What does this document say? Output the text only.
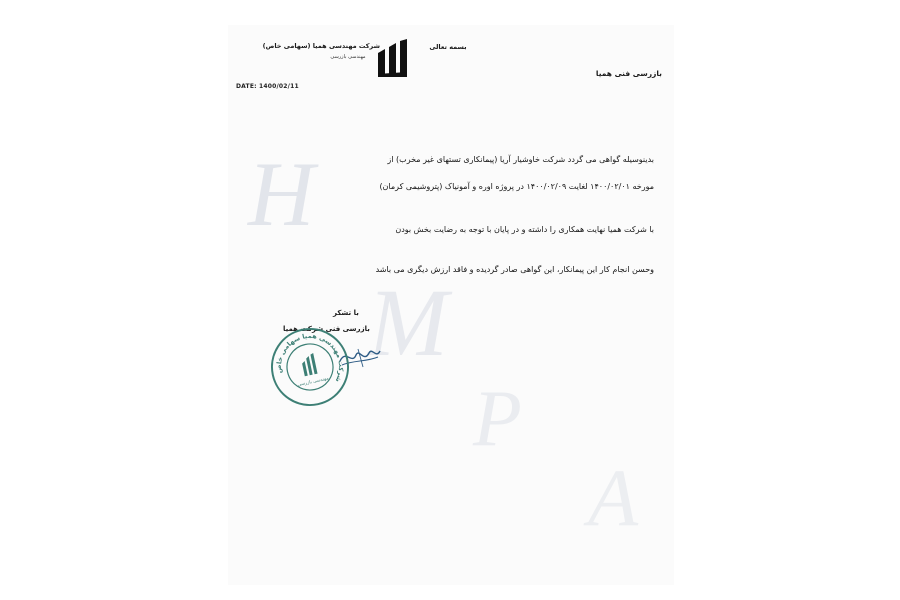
H
M
P
A
شرکت مهندسی همیا (سهامی خاص)
مهندسی بازرسی
DATE: 1400/02/11
بسمه تعالی
بازرسی فنی همیا
بدینوسیله گواهی می گردد شرکت خاوشیار آریا (پیمانکاری تستهای غیر مخرب) از
مورخه ۱۴۰۰/۰۲/۰۱ لغایت ۱۴۰۰/۰۲/۰۹ در پروژه اوره و آمونیاک (پتروشیمی کرمان)
با شرکت همیا نهایت همکاری را داشته و در پایان با توجه به رضایت بخش بودن
وحسن انجام کار این پیمانکار، این گواهی صادر گردیده و فاقد ارزش دیگری می باشد
با تشکر
بازرسی فنی شرکت همیا
شرکت مهندسی همیا سهامی خاص
مهندسی بازرسی
